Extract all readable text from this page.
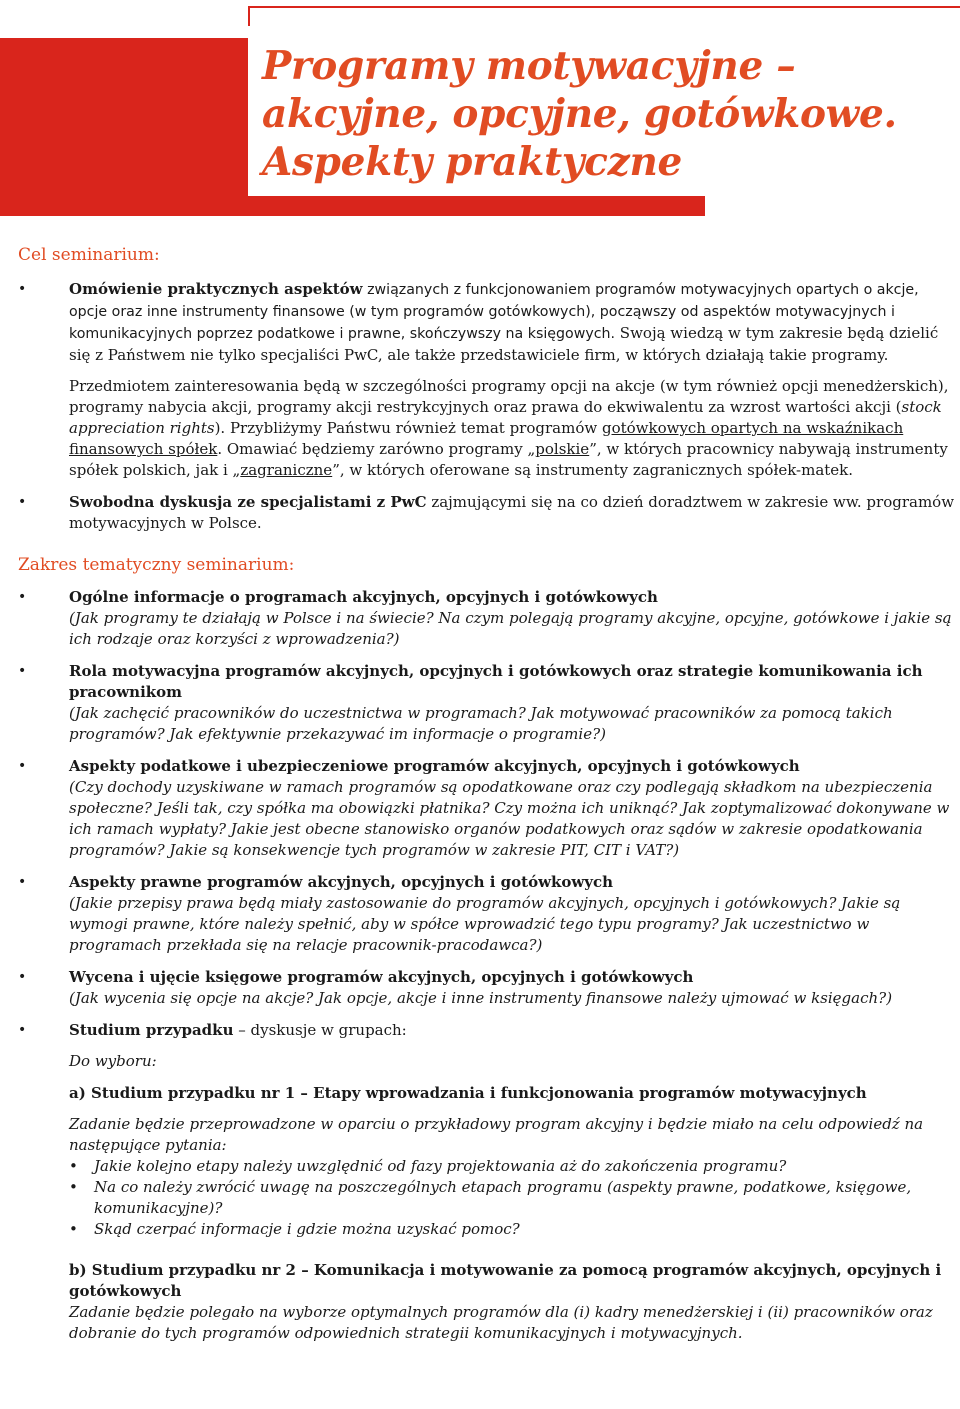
Programy motywacyjne –
akcyjne, opcyjne, gotówkowe.
Aspekty praktyczne
Cel seminarium:

• Omówienie praktycznych aspektów związanych z funkcjonowaniem programów motywacyjnych opartych o akcje, opcje oraz inne instrumenty finansowe (w tym programów gotówkowych), począwszy od aspektów motywacyjnych i komunikacyjnych poprzez podatkowe i prawne, skończywszy na księgowych. Swoją wiedzą w tym zakresie będą dzielić się z Państwem nie tylko specjaliści PwC, ale także przedstawiciele firm, w których działają takie programy.

Przedmiotem zainteresowania będą w szczególności programy opcji na akcje (w tym również opcji menedżerskich), programy nabycia akcji, programy akcji restrykcyjnych oraz prawa do ekwiwalentu za wzrost wartości akcji (stock appreciation rights). Przybliżymy Państwu również temat programów gotówkowych opartych na wskaźnikach finansowych spółek. Omawiać będziemy zarówno programy „polskie”, w których pracownicy nabywają instrumenty spółek polskich, jak i „zagraniczne”, w których oferowane są instrumenty zagranicznych spółek-matek.

• Swobodna dyskusja ze specjalistami z PwC zajmującymi się na co dzień doradztwem w zakresie ww. programów motywacyjnych w Polsce.

Zakres tematyczny seminarium:

• Ogólne informacje o programach akcyjnych, opcyjnych i gotówkowych

(Jak programy te działają w Polsce i na świecie? Na czym polegają programy akcyjne, opcyjne, gotówkowe i jakie są ich rodzaje oraz korzyści z wprowadzenia?)

• Rola motywacyjna programów akcyjnych, opcyjnych i gotówkowych oraz strategie komunikowania ich pracownikom

(Jak zachęcić pracowników do uczestnictwa w programach? Jak motywować pracowników za pomocą takich programów? Jak efektywnie przekazywać im informacje o programie?)

• Aspekty podatkowe i ubezpieczeniowe programów akcyjnych, opcyjnych i gotówkowych

(Czy dochody uzyskiwane w ramach programów są opodatkowane oraz czy podlegają składkom na ubezpieczenia społeczne? Jeśli tak, czy spółka ma obowiązki płatnika? Czy można ich uniknąć? Jak zoptymalizować dokonywane w ich ramach wypłaty? Jakie jest obecne stanowisko organów podatkowych oraz sądów w zakresie opodatkowania programów? Jakie są konsekwencje tych programów w zakresie PIT, CIT i VAT?)

• Aspekty prawne programów akcyjnych, opcyjnych i gotówkowych

(Jakie przepisy prawa będą miały zastosowanie do programów akcyjnych, opcyjnych i gotówkowych? Jakie są wymogi prawne, które należy spełnić, aby w spółce wprowadzić tego typu programy? Jak uczestnictwo w programach przekłada się na relacje pracownik-pracodawca?)

• Wycena i ujęcie księgowe programów akcyjnych, opcyjnych i gotówkowych

(Jak wycenia się opcje na akcje? Jak opcje, akcje i inne instrumenty finansowe należy ujmować w księgach?)

• Studium przypadku – dyskusje w grupach:

Do wyboru:

a) Studium przypadku nr 1 – Etapy wprowadzania i funkcjonowania programów motywacyjnych

Zadanie będzie przeprowadzone w oparciu o przykładowy program akcyjny i będzie miało na celu odpowiedź na następujące pytania:

• Jakie kolejno etapy należy uwzględnić od fazy projektowania aż do zakończenia programu?
• Na co należy zwrócić uwagę na poszczególnych etapach programu (aspekty prawne, podatkowe, księgowe, komunikacyjne)?
• Skąd czerpać informacje i gdzie można uzyskać pomoc?

b) Studium przypadku nr 2 – Komunikacja i motywowanie za pomocą programów akcyjnych, opcyjnych i gotówkowych

Zadanie będzie polegało na wyborze optymalnych programów dla (i) kadry menedżerskiej i (ii) pracowników oraz dobranie do tych programów odpowiednich strategii komunikacyjnych i motywacyjnych.
